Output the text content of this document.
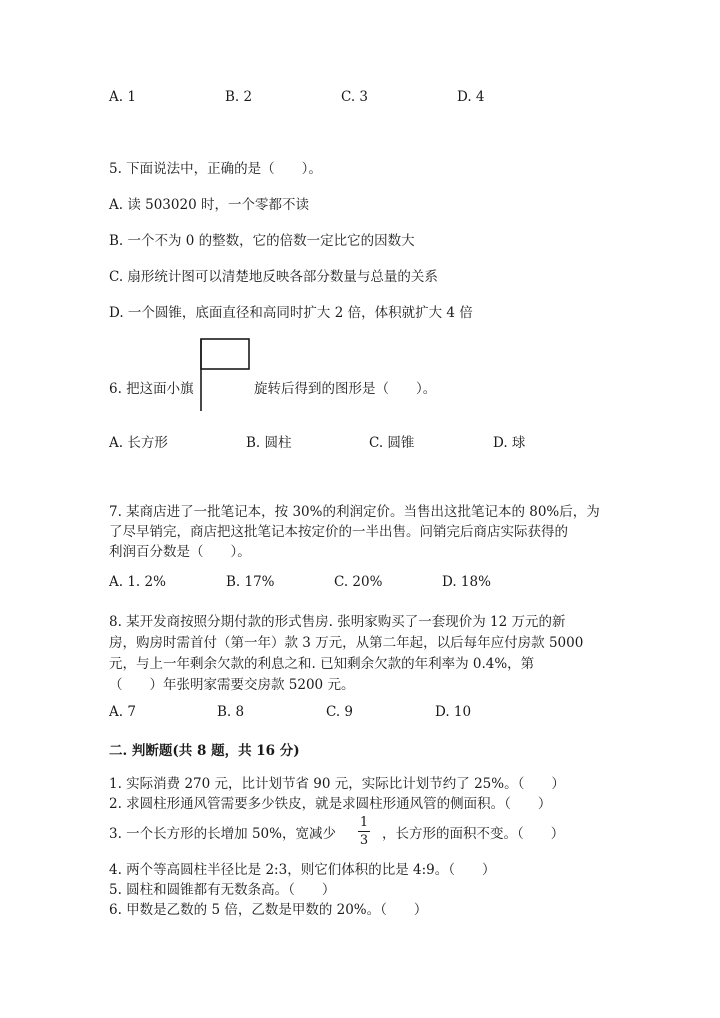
A. 1	B. 2	C. 3	D. 4
5. 下面说法中，正确的是（　　）。
A. 读 503020 时，一个零都不读
B. 一个不为 0 的整数，它的倍数一定比它的因数大
C. 扇形统计图可以清楚地反映各部分数量与总量的关系
D. 一个圆锥，底面直径和高同时扩大 2 倍，体积就扩大 4 倍
6. 把这面小旗	旋转后得到的图形是（　　）。
A. 长方形	B. 圆柱	C. 圆锥	D. 球
7. 某商店进了一批笔记本，按 30%的利润定价。当售出这批笔记本的 80%后，为
了尽早销完，商店把这批笔记本按定价的一半出售。问销完后商店实际获得的
利润百分数是（　　）。
A. 1. 2%	B. 17%	C. 20%	D. 18%
8. 某开发商按照分期付款的形式售房. 张明家购买了一套现价为 12 万元的新
房，购房时需首付（第一年）款 3 万元，从第二年起，以后每年应付房款 5000
元，与上一年剩余欠款的利息之和. 已知剩余欠款的年利率为 0.4%，第
（　　）年张明家需要交房款 5200 元。
A. 7	B. 8	C. 9	D. 10
二. 判断题(共 8 题，共 16 分)
1. 实际消费 270 元，比计划节省 90 元，实际比计划节约了 25%。（　　）
2. 求圆柱形通风管需要多少铁皮，就是求圆柱形通风管的侧面积。（　　）
3. 一个长方形的长增加 50%，宽减少
1
3 ，长方形的面积不变。（　　）
4. 两个等高圆柱半径比是 2:3，则它们体积的比是 4:9。（　　）
5. 圆柱和圆锥都有无数条高。（　　）
6. 甲数是乙数的 5 倍，乙数是甲数的 20%。（　　）
